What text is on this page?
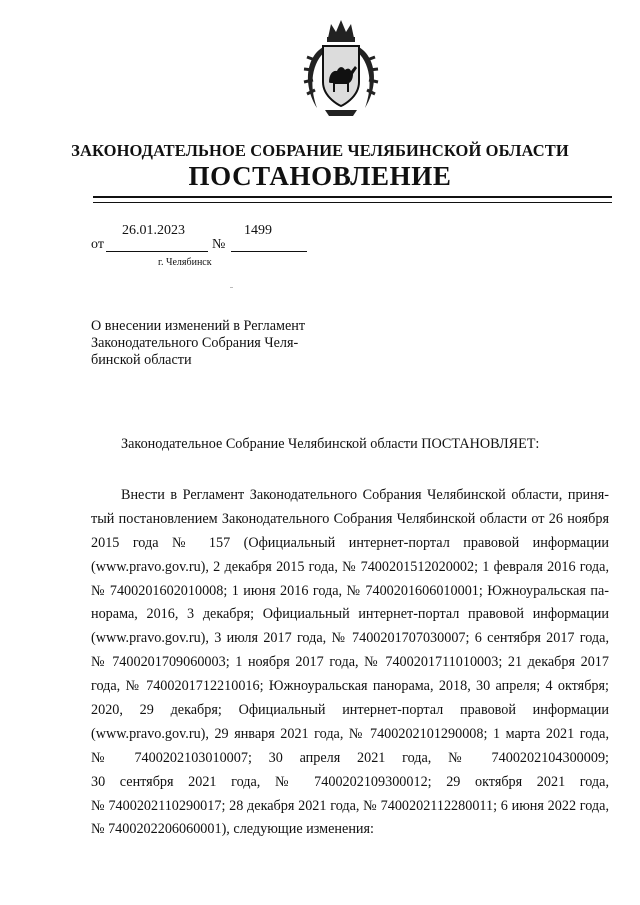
ЗАКОНОДАТЕЛЬНОЕ СОБРАНИЕ ЧЕЛЯБИНСКОЙ ОБЛАСТИ
ПОСТАНОВЛЕНИЕ
26.01.2023	1499
от	№
г. Челябинск
О внесении изменений в Регламент
Законодательного Собрания Челя-
бинской области
Законодательное Собрание Челябинской области ПОСТАНОВЛЯЕТ:
Внести в Регламент Законодательного Собрания Челябинской области, приня-
тый постановлением Законодательного Собрания Челябинской области от 26 ноября
2015 года № 157 (Официальный интернет-портал правовой информации
(www.pravo.gov.ru), 2 декабря 2015 года, № 7400201512020002; 1 февраля 2016 года,
№ 7400201602010008; 1 июня 2016 года, № 7400201606010001; Южноуральская па-
норама, 2016, 3 декабря; Официальный интернет-портал правовой информации
(www.pravo.gov.ru), 3 июля 2017 года, № 7400201707030007; 6 сентября 2017 года,
№ 7400201709060003; 1 ноября 2017 года, № 7400201711010003; 21 декабря 2017
года, № 7400201712210016; Южноуральская панорама, 2018, 30 апреля; 4 октября;
2020, 29 декабря; Официальный интернет-портал правовой информации
(www.pravo.gov.ru), 29 января 2021 года, № 7400202101290008; 1 марта 2021 года,
№ 7400202103010007; 30 апреля 2021 года, № 7400202104300009;
30 сентября 2021 года, № 7400202109300012; 29 октября 2021 года,
№ 7400202110290017; 28 декабря 2021 года, № 7400202112280011; 6 июня 2022 года,
№ 7400202206060001), следующие изменения:
